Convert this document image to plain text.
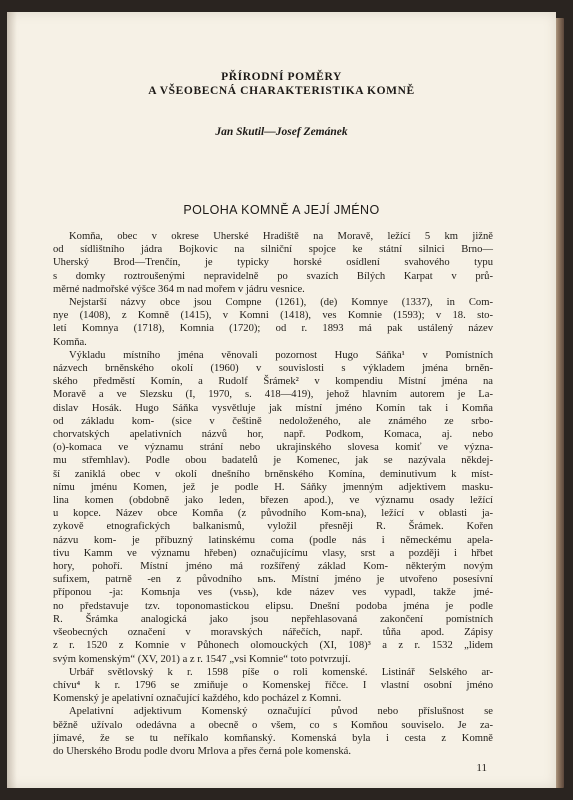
PŘÍRODNÍ POMĚRY
A VŠEOBECNÁ CHARAKTERISTIKA KOMNĚ
Jan Skutil—Josef Zemánek
POLOHA KOMNĚ A JEJÍ JMÉNO
Komňa, obec v okrese Uherské Hradiště na Moravě, ležící 5 km jižně
od sídlištního jádra Bojkovic na silniční spojce ke státní silnici Brno—
Uherský Brod—Trenčín, je typicky horské osídlení svahového typu
s domky roztroušenými nepravidelně po svazích Bílých Karpat v prů-
měrné nadmořské výšce 364 m nad mořem v jádru vesnice.
Nejstarší názvy obce jsou Compne (1261), (de) Komnye (1337), in Com-
nye (1408), z Komně (1415), v Komni (1418), ves Komnie (1593); v 18. sto-
letí Komnya (1718), Komnia (1720); od r. 1893 má pak ustálený název
Komňa.
Výkladu místního jména věnovali pozornost Hugo Sáňka¹ v Pomístních
názvech brněnského okolí (1960) v souvislosti s výkladem jména brněn-
ského předměstí Komín, a Rudolf Šrámek² v kompendiu Místní jména na
Moravě a ve Slezsku (I, 1970, s. 418—419), jehož hlavním autorem je La-
dislav Hosák. Hugo Sáňka vysvětluje jak místní jméno Komín tak i Komňa
od základu kom- (sice v češtině nedoloženého, ale známého ze srbo-
chorvatských apelativních názvů hor, např. Podkom, Komaca, aj. nebo
(o)-komaca ve významu strání nebo ukrajinského slovesa komiť ve význa-
mu střemhlav). Podle obou badatelů je Komenec, jak se nazývala někdej-
ší zaniklá obec v okolí dnešního brněnského Komína, deminutivum k míst-
nímu jménu Komen, jež je podle H. Sáňky jmenným adjektivem masku-
lina komen (obdobně jako leden, březen apod.), ve významu osady ležící
u kopce. Název obce Komňa (z původního Kom-ьna), ležící v oblasti ja-
zykově etnografických balkanismů, vyložil přesněji R. Šrámek. Kořen
názvu kom- je příbuzný latinskému coma (podle nás i německému apela-
tivu Kamm ve významu hřeben) označujícímu vlasy, srst a později i hřbet
hory, pohoří. Místní jméno má rozšířený základ Kom- některým novým
sufixem, patrně -en z původního ьnъ. Místní jméno je utvořeno posesívní
příponou -ja: Komьnja ves (vьsь), kde název ves vypadl, takže jmé-
no představuje tzv. toponomastickou elipsu. Dnešní podoba jména je podle
R. Šrámka analogická jako jsou nepřehlasovaná zakončení pomístních
všeobecných označení v moravských nářečích, např. tůňa apod. Zápisy
z r. 1520 z Komnie v Půhonech olomouckých (XI, 108)³ a z r. 1532 „lidem
svým komenským“ (XV, 201) a z r. 1547 „vsi Komnie“ toto potvrzují.
Urbář světlovský k r. 1598 píše o roli komenské. Listinář Selského ar-
chívu⁴ k r. 1796 se zmiňuje o Komenskej říčce. I vlastní osobní jméno
Komenský je apelativní označující každého, kdo pocházel z Komni.
Apelativní adjektivum Komenský označující původ nebo příslušnost se
běžně užívalo odedávna a obecně o všem, co s Komňou souviselo. Je za-
jímavé, že se tu neříkalo komňanský. Komenská byla i cesta z Komně
do Uherského Brodu podle dvoru Mrlova a přes černá pole komenská.
11
